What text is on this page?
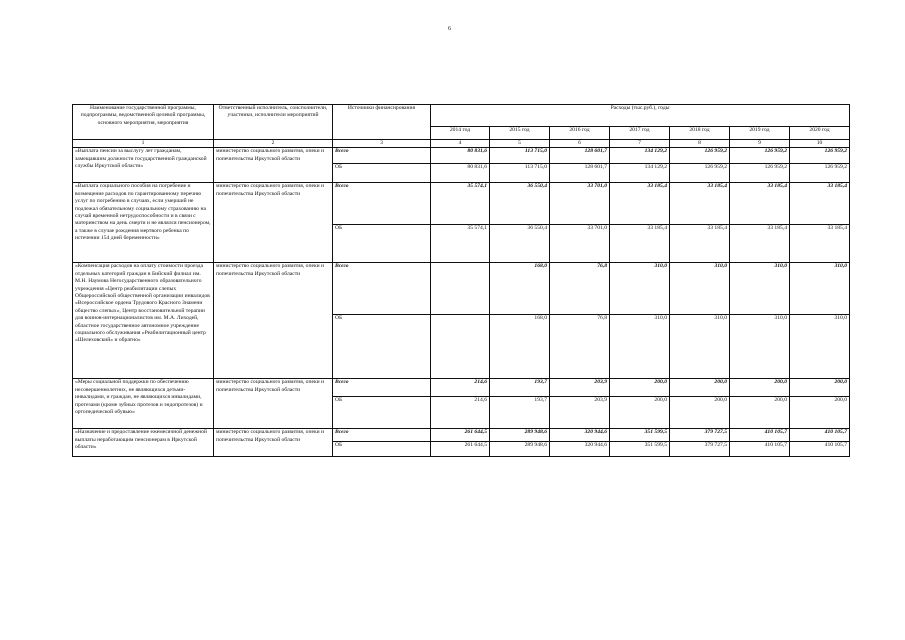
6
Наименование государственной программы, подпрограммы, ведомственной целевой программы, основного мероприятия, мероприятия	Ответственный исполнитель, соисполнители, участники, исполнители мероприятий	Источники финансирования	Расходы (тыс.руб.), годы						
			2014 год	2015 год	2016 год	2017 год	2018 год	2019 год	2020 год
1	2	3	4	5	6	7	8	9	10
«Выплата пенсии за выслугу лет гражданам, замещавшим должности государственной гражданской службы Иркутской области»	министерство социального развития, опеки и попечительства Иркутской области	Всего	80 831,6	113 715,0	128 601,7	134 129,2	126 959,2	126 959,2	126 959,2
		ОБ	80 831,6	113 715,0	128 601,7	134 129,2	126 959,2	126 959,2	126 959,2
«Выплата социального пособия на погребение и возмещение расходов по гарантированному перечню услуг по погребению в случаях, если умерший не подлежал обязательному социальному страхованию на случай временной нетрудоспособности и в связи с материнством на день смерти и не являлся пенсионером, а также в случае рождения мертвого ребенка по истечении 154 дней беременности»	министерство социального развития, опеки и попечительства Иркутской области	Всего	35 574,1	36 550,4	33 701,0	33 185,4	33 185,4	33 185,4	33 185,4
		ОБ	35 574,1	36 550,4	33 701,0	33 185,4	33 185,4	33 185,4	33 185,4
«Компенсация расходов на оплату стоимости проезда отдельных категорий граждан в Бийский филиал им. М.Н. Наумова Негосударственного образовательного учреждения «Центр реабилитации слепых Общероссийской общественной организации инвалидов «Всероссийское ордена Трудового Красного Знамени общество слепых», Центр восстановительной терапии для воинов-интернационалистов им. М.А. Лиходей, областное государственное автономное учреждение социального обслуживания «Реабилитационный центр «Шелеховский» и обратно»	министерство социального развития, опеки и попечительства Иркутской области	Всего		168,0	76,8	310,0	310,0	310,0	310,0
		ОБ		168,0	76,8	310,0	310,0	310,0	310,0
«Меры социальной поддержки по обеспечению несовершеннолетних, не являющихся детьми-инвалидами, и граждан, не являющихся инвалидами, протезами (кроме зубных протезов и эндопротезов) и ортопедической обувью»	министерство социального развития, опеки и попечительства Иркутской области	Всего	214,6	193,7	203,9	200,0	200,0	200,0	200,0
		ОБ	214,6	193,7	203,9	200,0	200,0	200,0	200,0
«Назначение и предоставление ежемесячной денежной выплаты неработающим пенсионерам в Иркутской области»	министерство социального развития, опеки и попечительства Иркутской области	Всего	261 644,5	289 948,6	320 944,6	351 599,5	379 727,5	410 105,7	410 105,7
		ОБ	261 644,5	289 948,6	320 944,6	351 599,5	379 727,5	410 105,7	410 105,7
